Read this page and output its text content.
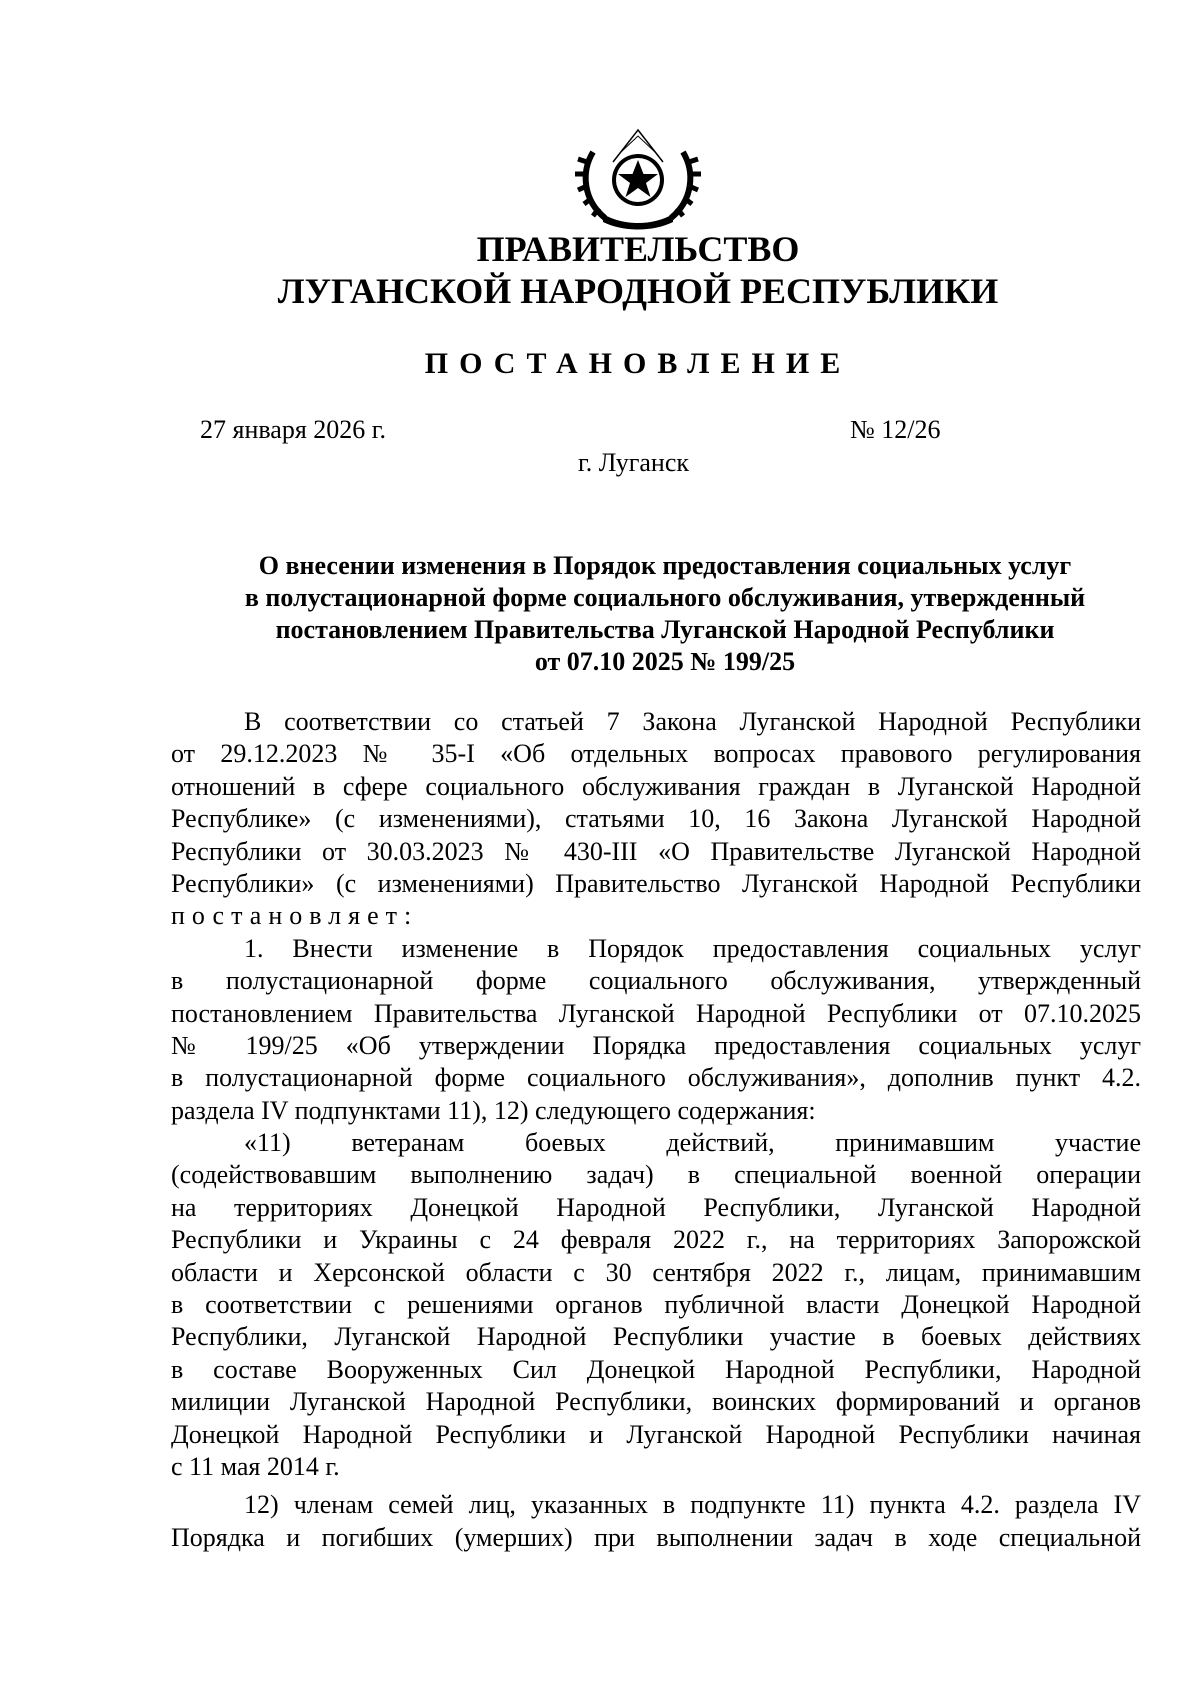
ПРАВИТЕЛЬСТВО
ЛУГАНСКОЙ НАРОДНОЙ РЕСПУБЛИКИ
ПОСТАНОВЛЕНИЕ
27 января 2026 г.	№ 12/26
г. Луганск
О внесении изменения в Порядок предоставления социальных услуг
в полустационарной форме социального обслуживания, утвержденный
постановлением Правительства Луганской Народной Республики
от 07.10 2025 № 199/25
В соответствии со статьей 7 Закона Луганской Народной Республики
от 29.12.2023 № 35-I «Об отдельных вопросах правового регулирования
отношений в сфере социального обслуживания граждан в Луганской Народной
Республике» (с изменениями), статьями 10, 16 Закона Луганской Народной
Республики от 30.03.2023 № 430-III «О Правительстве Луганской Народной
Республики» (с изменениями) Правительство Луганской Народной Республики
постановляет:
1. Внести изменение в Порядок предоставления социальных услуг
в полустационарной форме социального обслуживания, утвержденный
постановлением Правительства Луганской Народной Республики от 07.10.2025
№ 199/25 «Об утверждении Порядка предоставления социальных услуг
в полустационарной форме социального обслуживания», дополнив пункт 4.2.
раздела IV подпунктами 11), 12) следующего содержания:
«11) ветеранам боевых действий, принимавшим участие
(содействовавшим выполнению задач) в специальной военной операции
на территориях Донецкой Народной Республики, Луганской Народной
Республики и Украины с 24 февраля 2022 г., на территориях Запорожской
области и Херсонской области с 30 сентября 2022 г., лицам, принимавшим
в соответствии с решениями органов публичной власти Донецкой Народной
Республики, Луганской Народной Республики участие в боевых действиях
в составе Вооруженных Сил Донецкой Народной Республики, Народной
милиции Луганской Народной Республики, воинских формирований и органов
Донецкой Народной Республики и Луганской Народной Республики начиная
с 11 мая 2014 г.
12) членам семей лиц, указанных в подпункте 11) пункта 4.2. раздела IV
Порядка и погибших (умерших) при выполнении задач в ходе специальной
